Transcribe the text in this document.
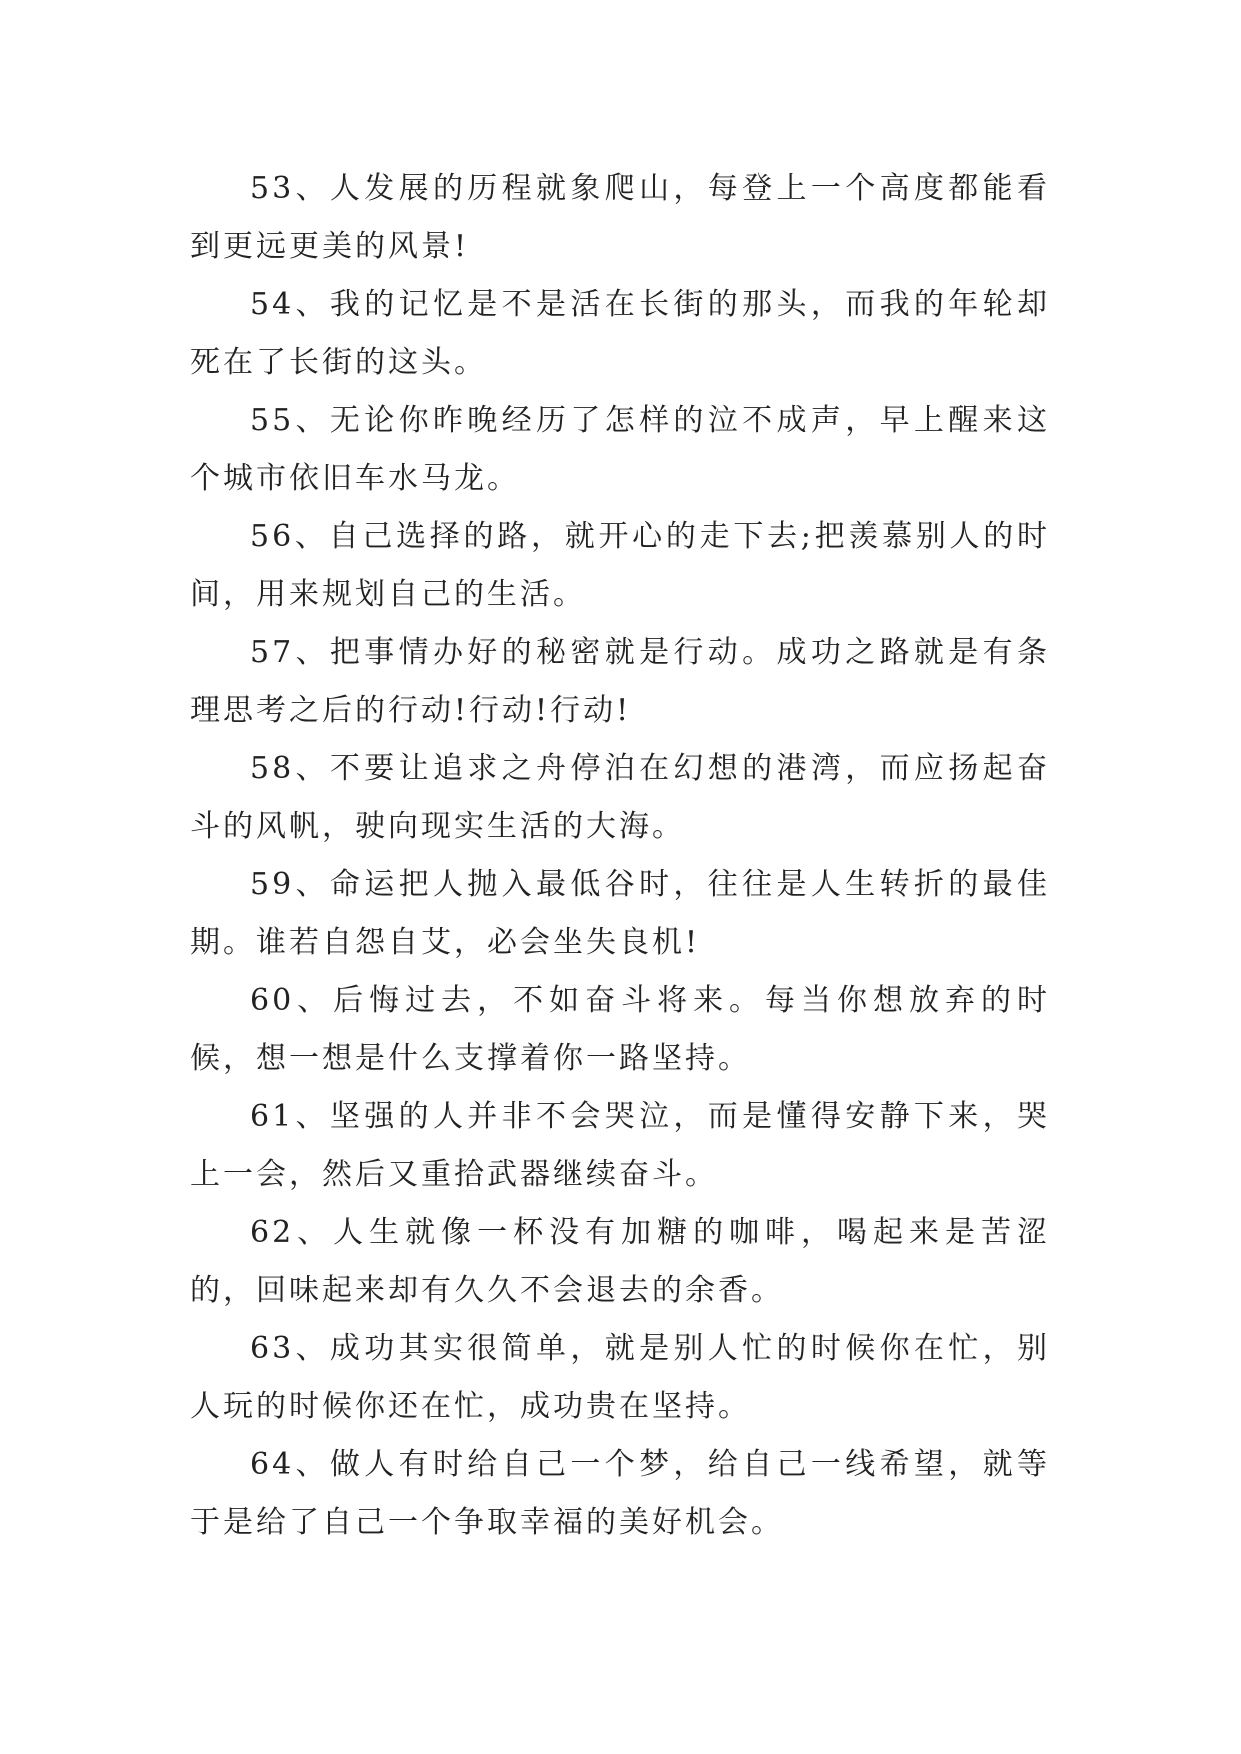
53、人发展的历程就象爬山，每登上一个高度都能看到更远更美的风景!

54、我的记忆是不是活在长街的那头，而我的年轮却死在了长街的这头。

55、无论你昨晚经历了怎样的泣不成声，早上醒来这个城市依旧车水马龙。

56、自己选择的路，就开心的走下去;把羡慕别人的时间，用来规划自己的生活。

57、把事情办好的秘密就是行动。成功之路就是有条理思考之后的行动!行动!行动!

58、不要让追求之舟停泊在幻想的港湾，而应扬起奋斗的风帆，驶向现实生活的大海。

59、命运把人抛入最低谷时，往往是人生转折的最佳期。谁若自怨自艾，必会坐失良机!

60、后悔过去，不如奋斗将来。每当你想放弃的时候，想一想是什么支撑着你一路坚持。

61、坚强的人并非不会哭泣，而是懂得安静下来，哭上一会，然后又重拾武器继续奋斗。

62、人生就像一杯没有加糖的咖啡，喝起来是苦涩的，回味起来却有久久不会退去的余香。

63、成功其实很简单，就是别人忙的时候你在忙，别人玩的时候你还在忙，成功贵在坚持。

64、做人有时给自己一个梦，给自己一线希望，就等于是给了自己一个争取幸福的美好机会。
